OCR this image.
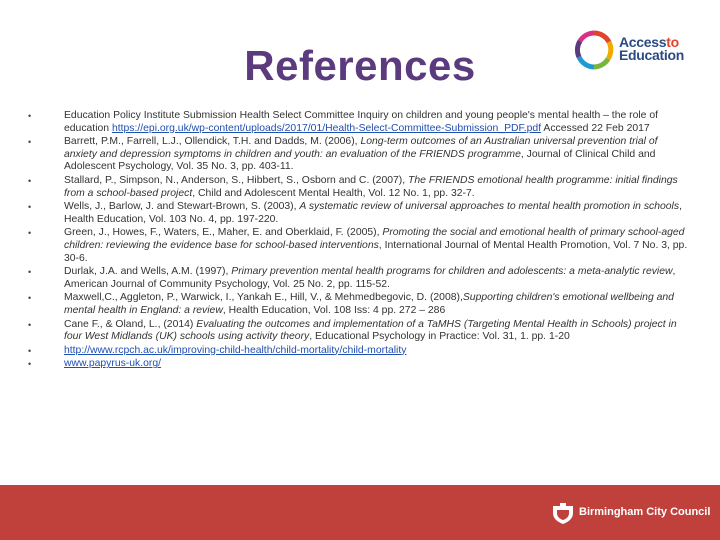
References	Accessto
Education
•	Education Policy Institute Submission Health Select Committee Inquiry on children and young people's mental health – the role of education https://epi.org.uk/wp-content/uploads/2017/01/Health-Select-Committee-Submission_PDF.pdf Accessed 22 Feb 2017
•	Barrett, P.M., Farrell, L.J., Ollendick, T.H. and Dadds, M. (2006), Long-term outcomes of an Australian universal prevention trial of anxiety and depression symptoms in children and youth: an evaluation of the FRIENDS programme, Journal of Clinical Child and Adolescent Psychology, Vol. 35 No. 3, pp. 403-11.
•	Stallard, P., Simpson, N., Anderson, S., Hibbert, S., Osborn and C. (2007), The FRIENDS emotional health programme: initial findings from a school-based project, Child and Adolescent Mental Health, Vol. 12 No. 1, pp. 32-7.
•	Wells, J., Barlow, J. and Stewart-Brown, S. (2003), A systematic review of universal approaches to mental health promotion in schools, Health Education, Vol. 103 No. 4, pp. 197-220.
•	Green, J., Howes, F., Waters, E., Maher, E. and Oberklaid, F. (2005), Promoting the social and emotional health of primary school-aged children: reviewing the evidence base for school-based interventions, International Journal of Mental Health Promotion, Vol. 7 No. 3, pp. 30-6.
•	Durlak, J.A. and Wells, A.M. (1997), Primary prevention mental health programs for children and adolescents: a meta-analytic review, American Journal of Community Psychology, Vol. 25 No. 2, pp. 115-52.
•	Maxwell,C., Aggleton, P., Warwick, I., Yankah E., Hill, V., & Mehmedbegovic, D. (2008),Supporting children's emotional wellbeing and mental health in England: a review, Health Education, Vol. 108 Iss: 4 pp. 272 – 286
•	Cane F., & Oland, L., (2014) Evaluating the outcomes and implementation of a TaMHS (Targeting Mental Health in Schools) project in four West Midlands (UK) schools using activity theory, Educational Psychology in Practice: Vol. 31, 1. pp. 1-20
•	http://www.rcpch.ac.uk/improving-child-health/child-mortality/child-mortality
•	www.papyrus-uk.org/
Birmingham City Council
